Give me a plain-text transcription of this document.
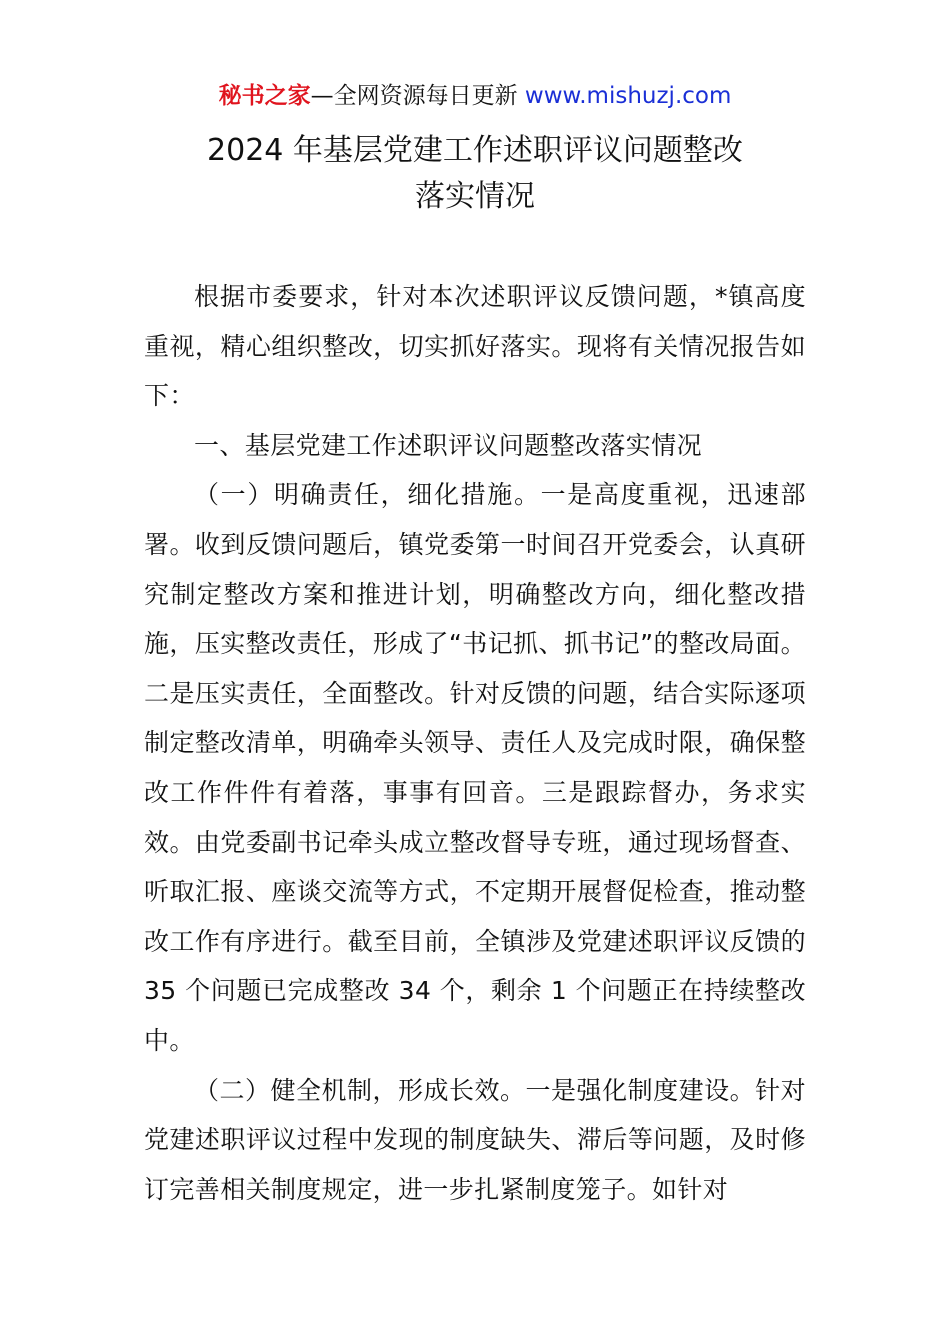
秘书之家—全网资源每日更新 www.mishuzj.com
2024 年基层党建工作述职评议问题整改
落实情况

根据市委要求，针对本次述职评议反馈问题，*镇高度重视，精心组织整改，切实抓好落实。现将有关情况报告如下：

一、基层党建工作述职评议问题整改落实情况

（一）明确责任，细化措施。一是高度重视，迅速部署。收到反馈问题后，镇党委第一时间召开党委会，认真研究制定整改方案和推进计划，明确整改方向，细化整改措施，压实整改责任，形成了“书记抓、抓书记”的整改局面。二是压实责任，全面整改。针对反馈的问题，结合实际逐项制定整改清单，明确牵头领导、责任人及完成时限，确保整改工作件件有着落，事事有回音。三是跟踪督办，务求实效。由党委副书记牵头成立整改督导专班，通过现场督查、听取汇报、座谈交流等方式，不定期开展督促检查，推动整改工作有序进行。截至目前，全镇涉及党建述职评议反馈的 35 个问题已完成整改 34 个，剩余 1 个问题正在持续整改中。

（二）健全机制，形成长效。一是强化制度建设。针对党建述职评议过程中发现的制度缺失、滞后等问题，及时修订完善相关制度规定，进一步扎紧制度笼子。如针对
